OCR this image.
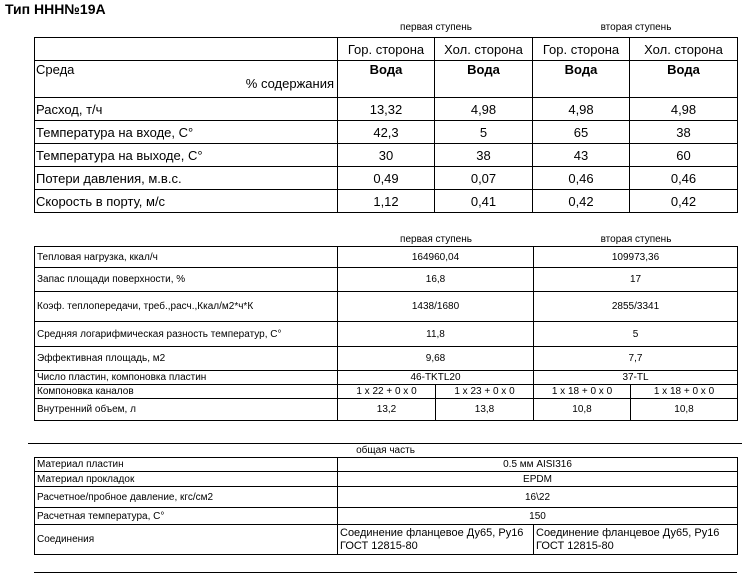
Тип ННН№19А
первая ступень	вторая ступень
	Гор. сторона	Хол. сторона	Гор. сторона	Хол. сторона
Среда
% содержания	Вода	Вода	Вода	Вода
Расход, т/ч	13,32	4,98	4,98	4,98
Температура на входе, С°	42,3	5	65	38
Температура на выходе, С°	30	38	43	60
Потери давления, м.в.с.	0,49	0,07	0,46	0,46
Скорость в порту, м/с	1,12	0,41	0,42	0,42
первая ступень	вторая ступень
Тепловая нагрузка, ккал/ч	164960,04		109973,36	
Запас площади поверхности, %	16,8		17	
Коэф. теплопередачи, треб.,расч.,Ккал/м2*ч*К	1438/1680		2855/3341	
Средняя логарифмическая разность температур, С°	11,8		5	
Эффективная площадь, м2	9,68		7,7	
Число пластин, компоновка пластин	46-TKTL20		37-TL	
Компоновка каналов	1 x 22 + 0 x 0	1 x 23 + 0 x 0	1 x 18 + 0 x 0	1 x 18 + 0 x 0
Внутренний объем, л	13,2	13,8	10,8	10,8
общая часть
Материал пластин	0.5 мм AISI316	
Материал прокладок	EPDM	
Расчетное/пробное давление, кгс/см2	16\22	
Расчетная температура, С°	150	
Соединения	Соединение фланцевое Ду65, Ру16 ГОСТ 12815-80	Соединение фланцевое Ду65, Ру16 ГОСТ 12815-80
